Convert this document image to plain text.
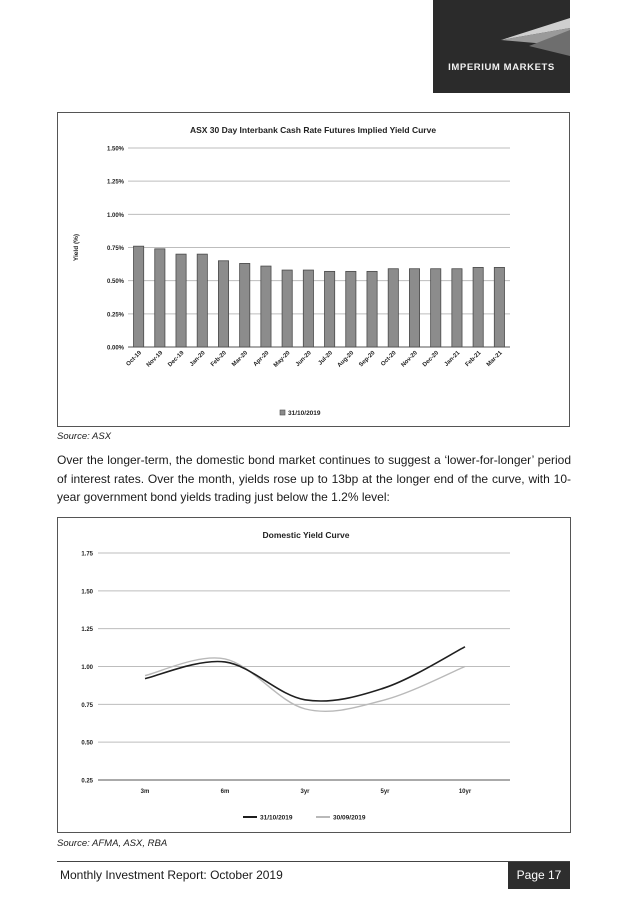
IMPERIUM MARKETS
ASX 30 Day Interbank Cash Rate Futures Implied Yield Curve
0.00%
0.25%
0.50%
0.75%
1.00%
1.25%
1.50%
Yield (%)
Oct-19 Nov-19 Dec-19 Jan-20 Feb-20 Mar-20 Apr-20 May-20 Jun-20 Jul-20 Aug-20 Sep-20 Oct-20 Nov-20 Dec-20 Jan-21 Feb-21 Mar-21
31/10/2019
Source: ASX
Over the longer-term, the domestic bond market continues to suggest a ‘lower-for-longer’ period of interest rates. Over the month, yields rose up to 13bp at the longer end of the curve, with 10-year government bond yields trading just below the 1.2% level:
Domestic Yield Curve
0.25
0.50
0.75
1.00
1.25
1.50
1.75
3m	6m	3yr	5yr	10yr
31/10/2019	30/09/2019
Source: AFMA, ASX, RBA
Monthly Investment Report: October 2019	Page 17
